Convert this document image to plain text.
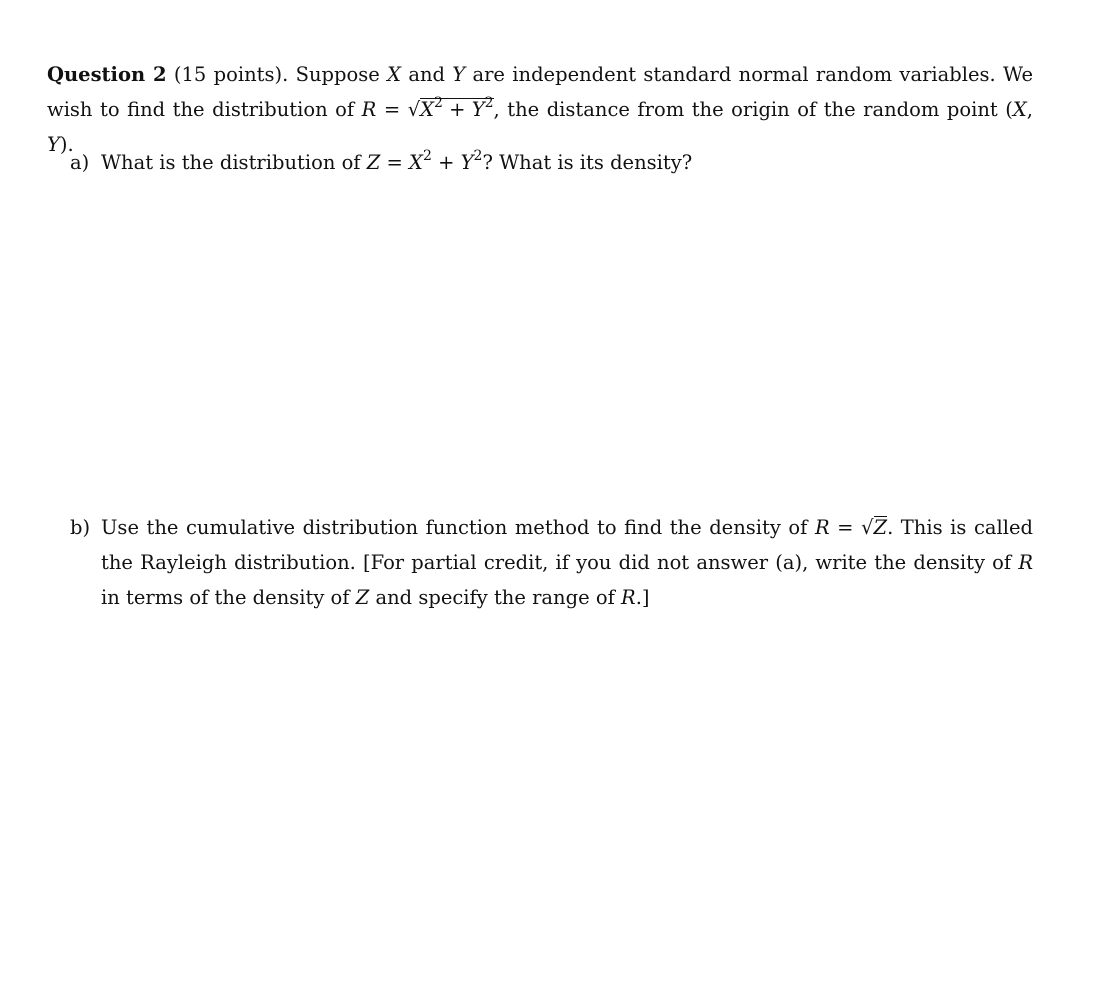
Question 2 (15 points). Suppose X and Y are independent standard normal random variables. We wish to find the distribution of $R = √X^2 + Y^2$, the distance from the origin of the random point (X, Y).
a) What is the distribution of $Z = X^2 + Y^2$? What is its density?
b) Use the cumulative distribution function method to find the density of R = √Z. This is called the Rayleigh distribution. [For partial credit, if you did not answer (a), write the density of R in terms of the density of Z and specify the range of R.]
